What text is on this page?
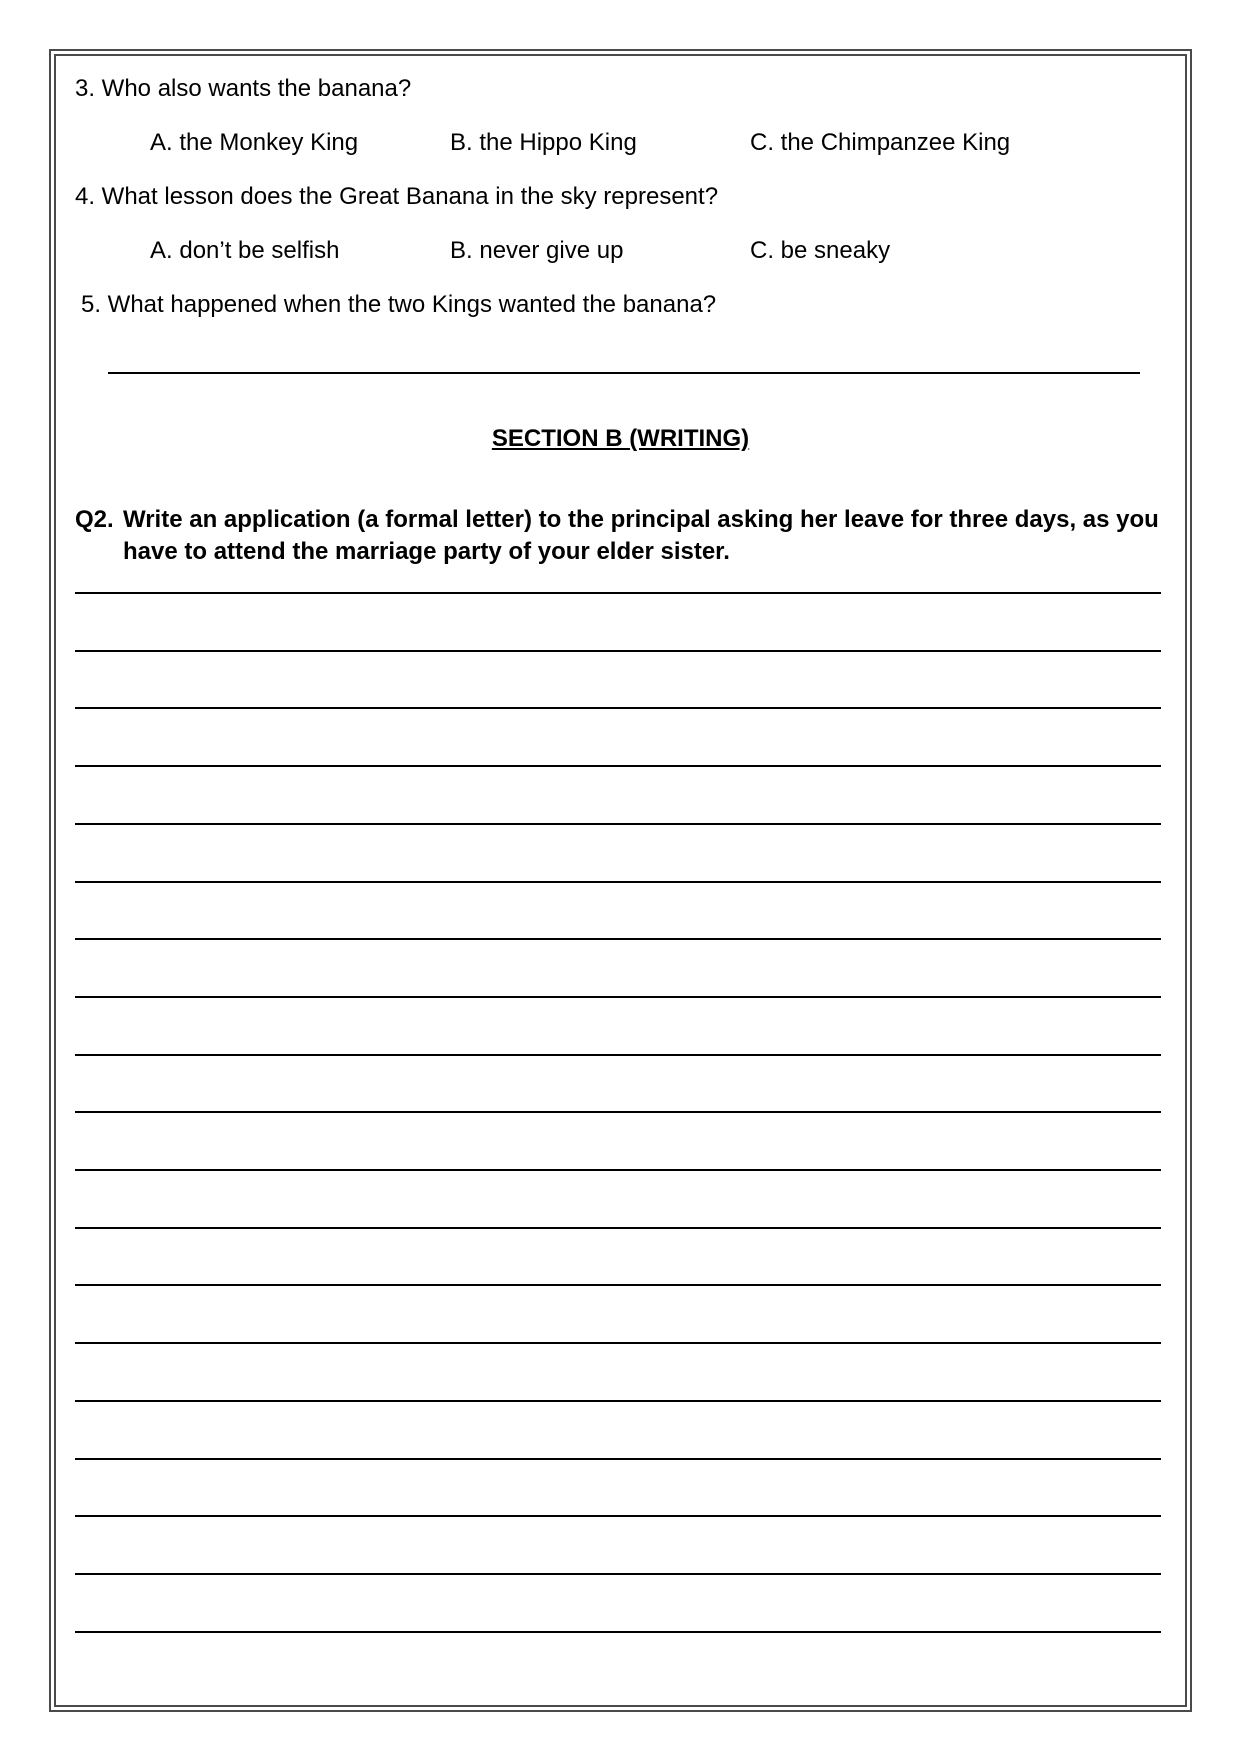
3. Who also wants the banana?
A. the Monkey King	B. the Hippo King	C. the Chimpanzee King
4. What lesson does the Great Banana in the sky represent?
A. don’t be selfish	B. never give up	C. be sneaky
5. What happened when the two Kings wanted the banana?
SECTION B (WRITING)
Q2. Write an application (a formal letter) to the principal asking her leave for three days, as you have to attend the marriage party of your elder sister.
